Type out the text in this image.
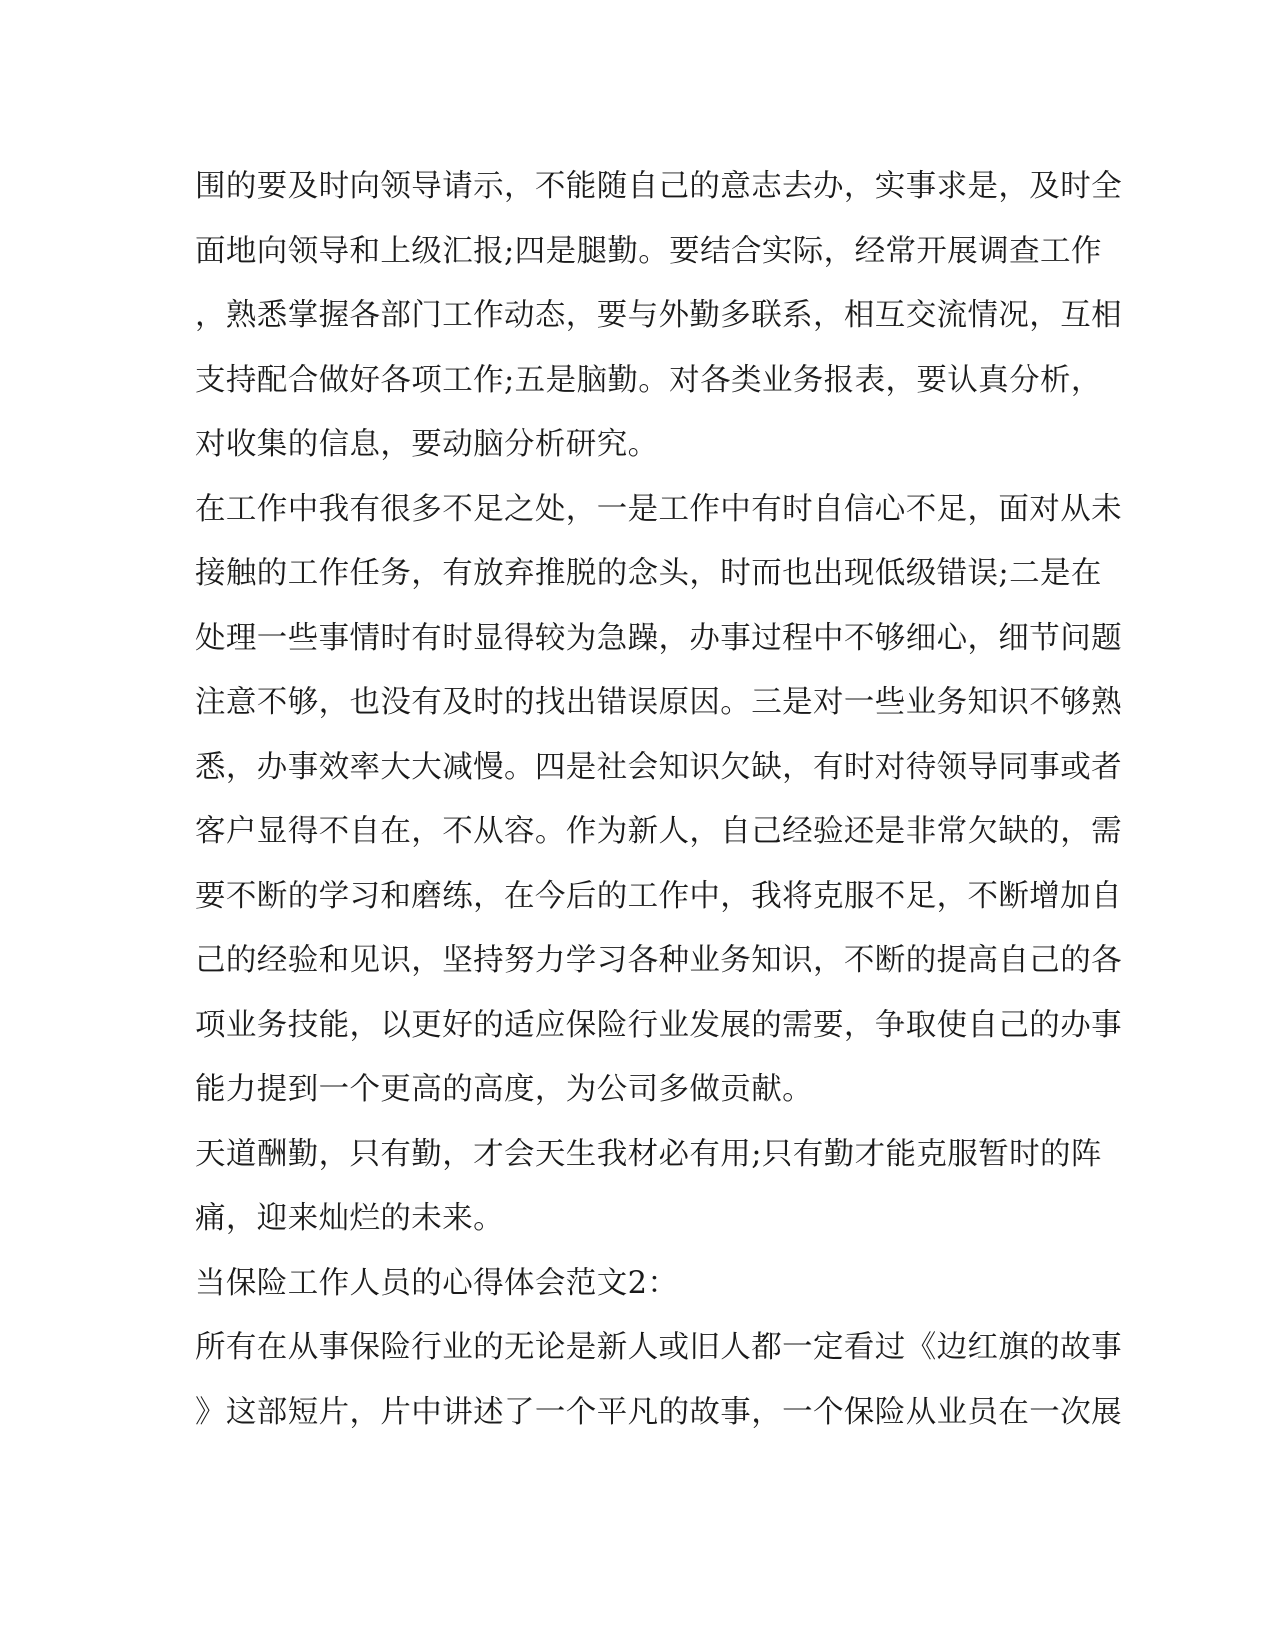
围的要及时向领导请示，不能随自己的意志去办，实事求是，及时全
面地向领导和上级汇报;四是腿勤。要结合实际，经常开展调查工作
，熟悉掌握各部门工作动态，要与外勤多联系，相互交流情况，互相
支持配合做好各项工作;五是脑勤。对各类业务报表，要认真分析，
对收集的信息，要动脑分析研究。
在工作中我有很多不足之处，一是工作中有时自信心不足，面对从未
接触的工作任务，有放弃推脱的念头，时而也出现低级错误;二是在
处理一些事情时有时显得较为急躁，办事过程中不够细心，细节问题
注意不够，也没有及时的找出错误原因。三是对一些业务知识不够熟
悉，办事效率大大减慢。四是社会知识欠缺，有时对待领导同事或者
客户显得不自在，不从容。作为新人，自己经验还是非常欠缺的，需
要不断的学习和磨练，在今后的工作中，我将克服不足，不断增加自
己的经验和见识，坚持努力学习各种业务知识，不断的提高自己的各
项业务技能，以更好的适应保险行业发展的需要，争取使自己的办事
能力提到一个更高的高度，为公司多做贡献。
天道酬勤，只有勤，才会天生我材必有用;只有勤才能克服暂时的阵
痛，迎来灿烂的未来。
当保险工作人员的心得体会范文2：
所有在从事保险行业的无论是新人或旧人都一定看过《边红旗的故事
》这部短片，片中讲述了一个平凡的故事，一个保险从业员在一次展
